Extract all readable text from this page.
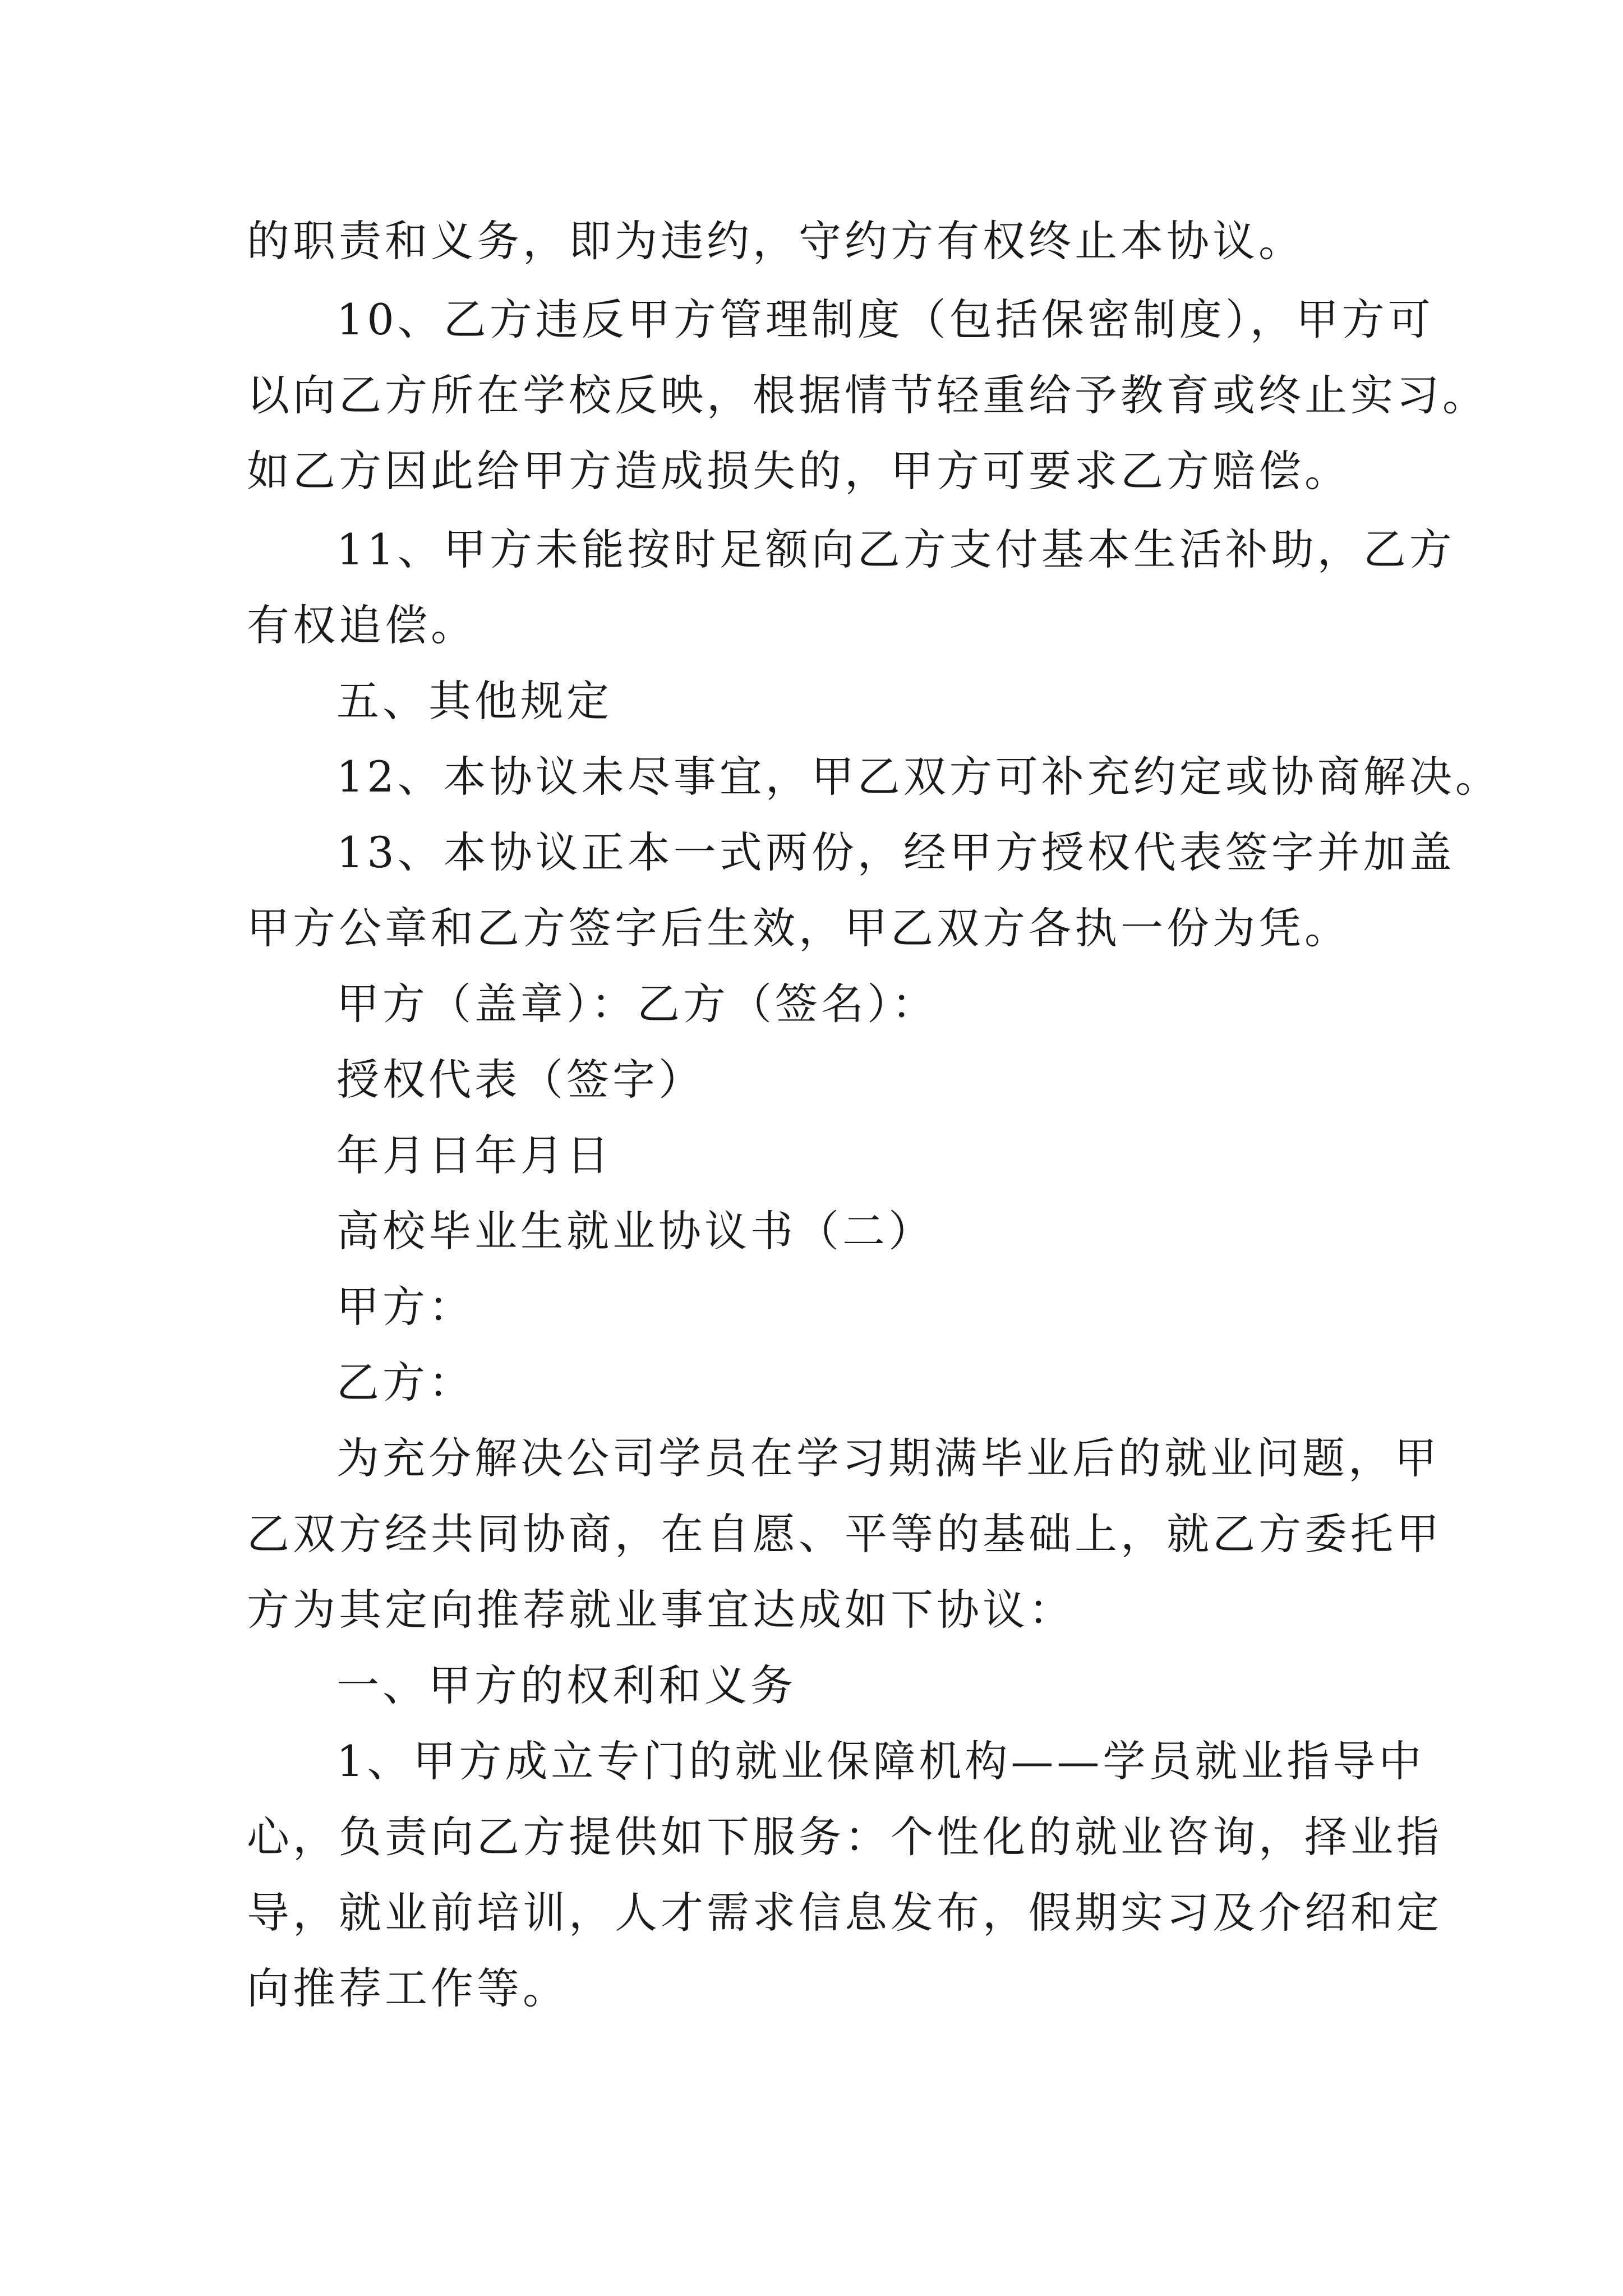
的职责和义务，即为违约，守约方有权终止本协议。
10、乙方违反甲方管理制度（包括保密制度），甲方可
以向乙方所在学校反映，根据情节轻重给予教育或终止实习。
如乙方因此给甲方造成损失的，甲方可要求乙方赔偿。
11、甲方未能按时足额向乙方支付基本生活补助，乙方
有权追偿。
五、其他规定
12、本协议未尽事宜，甲乙双方可补充约定或协商解决。
13、本协议正本一式两份，经甲方授权代表签字并加盖
甲方公章和乙方签字后生效，甲乙双方各执一份为凭。
甲方（盖章）：乙方（签名）：
授权代表（签字）
年月日年月日
高校毕业生就业协议书（二）
甲方：
乙方：
为充分解决公司学员在学习期满毕业后的就业问题，甲
乙双方经共同协商，在自愿、平等的基础上，就乙方委托甲
方为其定向推荐就业事宜达成如下协议：
一、甲方的权利和义务
1、甲方成立专门的就业保障机构——学员就业指导中
心，负责向乙方提供如下服务：个性化的就业咨询，择业指
导，就业前培训，人才需求信息发布，假期实习及介绍和定
向推荐工作等。
